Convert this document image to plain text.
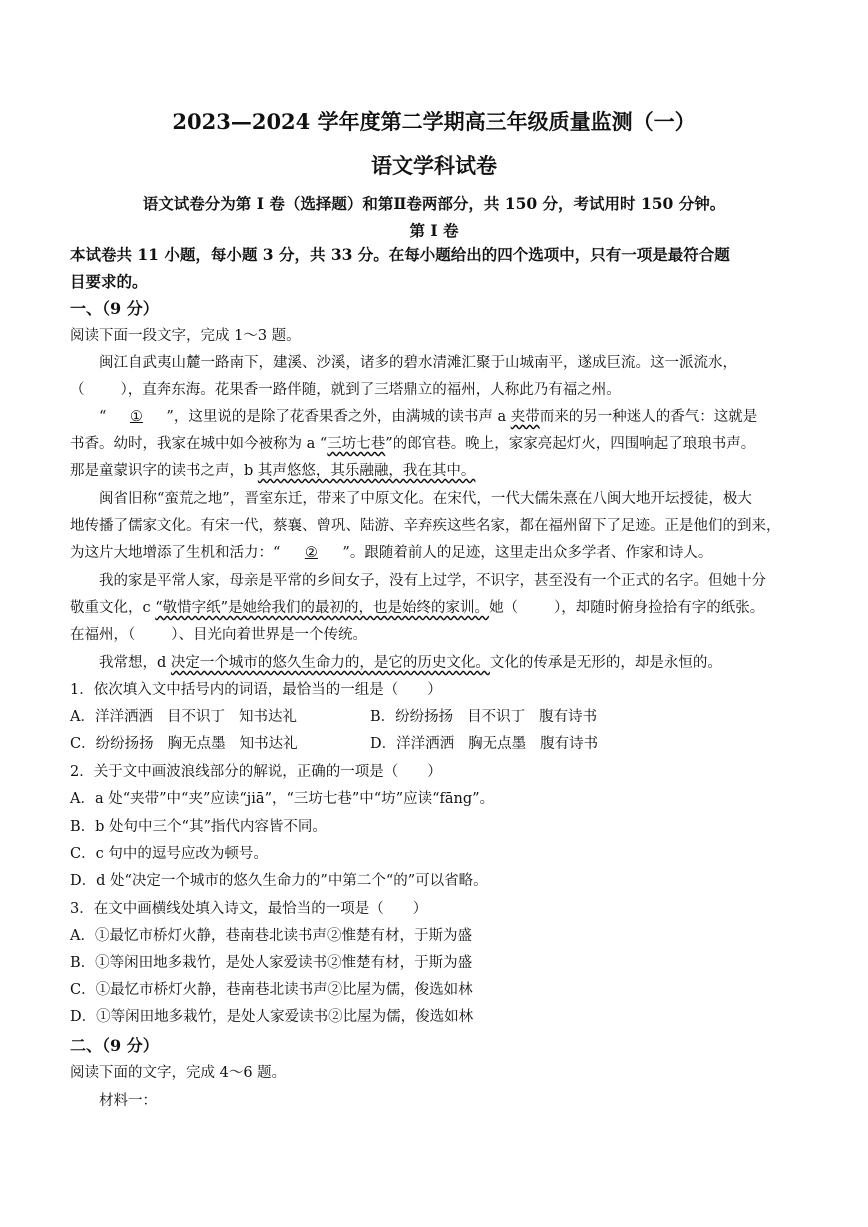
2023—2024 学年度第二学期高三年级质量监测（一）
语文学科试卷
语文试卷分为第 I 卷（选择题）和第Ⅱ卷两部分，共 150 分，考试用时 150 分钟。
第 I 卷
本试卷共 11 小题，每小题 3 分，共 33 分。在每小题给出的四个选项中，只有一项是最符合题
目要求的。
一、（9 分）
阅读下面一段文字，完成 1～3 题。
闽江自武夷山麓一路南下，建溪、沙溪，诸多的碧水清滩汇聚于山城南平，遂成巨流。这一派流水，
（ ），直奔东海。花果香一路伴随，就到了三塔鼎立的福州，人称此乃有福之州。
“ ① ”，这里说的是除了花香果香之外，由满城的读书声 a 夹带而来的另一种迷人的香气：这就是
书香。幼时，我家在城中如今被称为 a “三坊七巷”的郎官巷。晚上，家家亮起灯火，四围响起了琅琅书声。
那是童蒙识字的读书之声，b 其声悠悠，其乐融融，我在其中。
闽省旧称“蛮荒之地”，晋室东迁，带来了中原文化。在宋代，一代大儒朱熹在八闽大地开坛授徒，极大
地传播了儒家文化。有宋一代，蔡襄、曾巩、陆游、辛弃疾这些名家，都在福州留下了足迹。正是他们的到来，
为这片大地增添了生机和活力：“ ② ”。跟随着前人的足迹，这里走出众多学者、作家和诗人。
我的家是平常人家，母亲是平常的乡间女子，没有上过学，不识字，甚至没有一个正式的名字。但她十分
敬重文化，c “敬惜字纸”是她给我们的最初的，也是始终的家训。她（ ），却随时俯身捡拾有字的纸张。
在福州，（ ）、目光向着世界是一个传统。
我常想，d 决定一个城市的悠久生命力的，是它的历史文化。文化的传承是无形的，却是永恒的。
1．依次填入文中括号内的词语，最恰当的一组是（　　）
A．洋洋洒洒 目不识丁 知书达礼	B．纷纷扬扬 目不识丁 腹有诗书
C．纷纷扬扬 胸无点墨 知书达礼	D．洋洋洒洒 胸无点墨 腹有诗书
2．关于文中画波浪线部分的解说，正确的一项是（　　）
A．a 处“夹带”中“夹”应读“jiā”，“三坊七巷”中“坊”应读“fāng”。
B．b 处句中三个“其”指代内容皆不同。
C．c 句中的逗号应改为顿号。
D．d 处“决定一个城市的悠久生命力的”中第二个“的”可以省略。
3．在文中画横线处填入诗文，最恰当的一项是（　　）
A．①最忆市桥灯火静，巷南巷北读书声②惟楚有材，于斯为盛
B．①等闲田地多栽竹，是处人家爱读书②惟楚有材，于斯为盛
C．①最忆市桥灯火静，巷南巷北读书声②比屋为儒，俊选如林
D．①等闲田地多栽竹，是处人家爱读书②比屋为儒，俊选如林
二、（9 分）
阅读下面的文字，完成 4～6 题。
材料一：
